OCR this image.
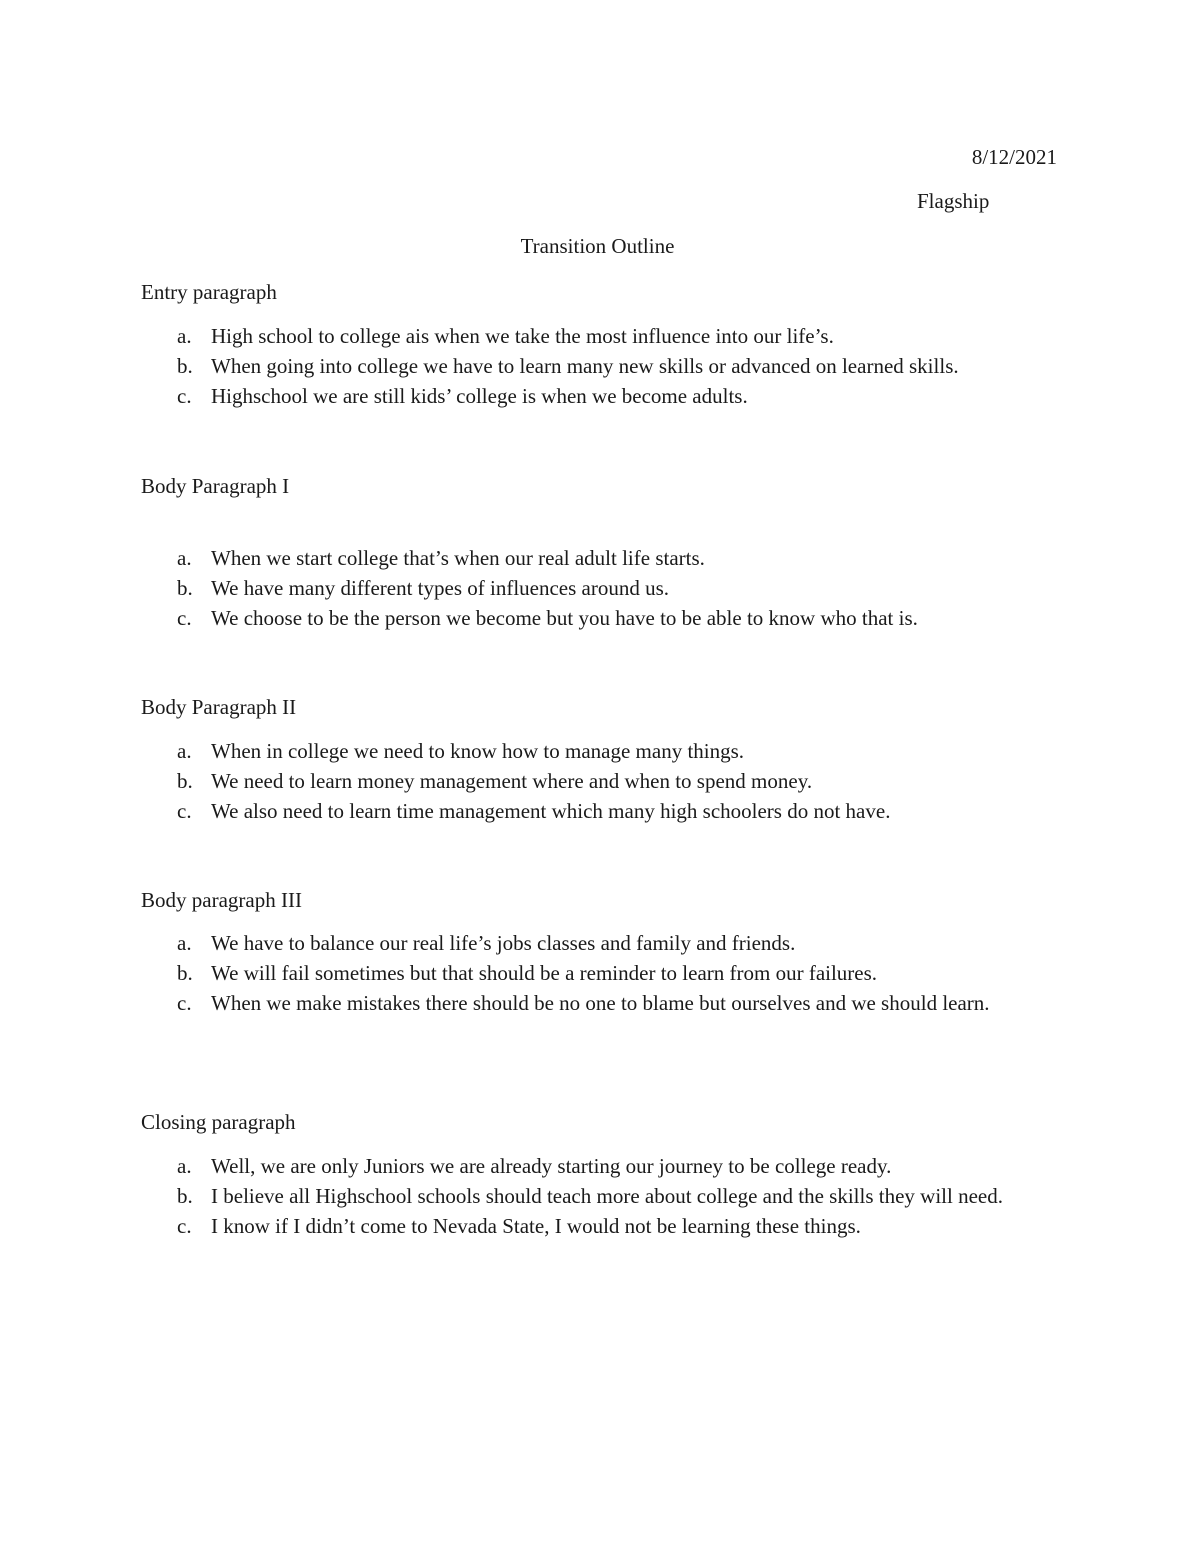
8/12/2021

Flagship

Transition Outline

Entry paragraph

a. High school to college ais when we take the most influence into our life’s.
b. When going into college we have to learn many new skills or advanced on learned skills.
c. Highschool we are still kids’ college is when we become adults.

Body Paragraph I

a. When we start college that’s when our real adult life starts.
b. We have many different types of influences around us.
c. We choose to be the person we become but you have to be able to know who that is.

Body Paragraph II

a. When in college we need to know how to manage many things.
b. We need to learn money management where and when to spend money.
c. We also need to learn time management which many high schoolers do not have.

Body paragraph III

a. We have to balance our real life’s jobs classes and family and friends.
b. We will fail sometimes but that should be a reminder to learn from our failures.
c. When we make mistakes there should be no one to blame but ourselves and we should learn.

Closing paragraph

a. Well, we are only Juniors we are already starting our journey to be college ready.
b. I believe all Highschool schools should teach more about college and the skills they will need.
c. I know if I didn’t come to Nevada State, I would not be learning these things.
